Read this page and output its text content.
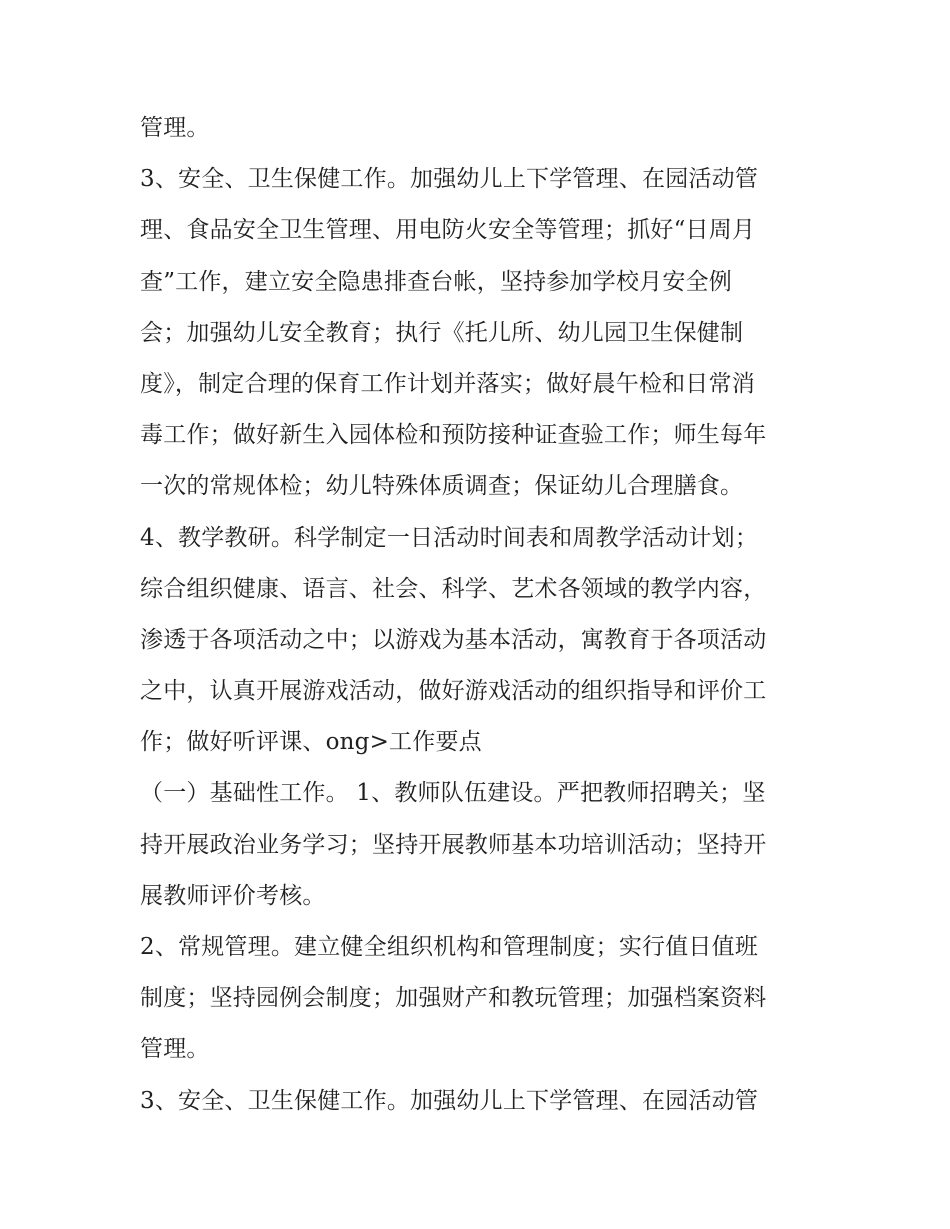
管理。
3、安全、卫生保健工作。加强幼儿上下学管理、在园活动管
理、食品安全卫生管理、用电防火安全等管理；抓好“日周月
查”工作，建立安全隐患排查台帐，坚持参加学校月安全例
会；加强幼儿安全教育；执行《托儿所、幼儿园卫生保健制
度》，制定合理的保育工作计划并落实；做好晨午检和日常消
毒工作；做好新生入园体检和预防接种证查验工作；师生每年
一次的常规体检；幼儿特殊体质调查；保证幼儿合理膳食。
4、教学教研。科学制定一日活动时间表和周教学活动计划；
综合组织健康、语言、社会、科学、艺术各领域的教学内容，
渗透于各项活动之中；以游戏为基本活动，寓教育于各项活动
之中，认真开展游戏活动，做好游戏活动的组织指导和评价工
作；做好听评课、ong>工作要点
（一）基础性工作。 1、教师队伍建设。严把教师招聘关；坚
持开展政治业务学习；坚持开展教师基本功培训活动；坚持开
展教师评价考核。
2、常规管理。建立健全组织机构和管理制度；实行值日值班
制度；坚持园例会制度；加强财产和教玩管理；加强档案资料
管理。
3、安全、卫生保健工作。加强幼儿上下学管理、在园活动管
